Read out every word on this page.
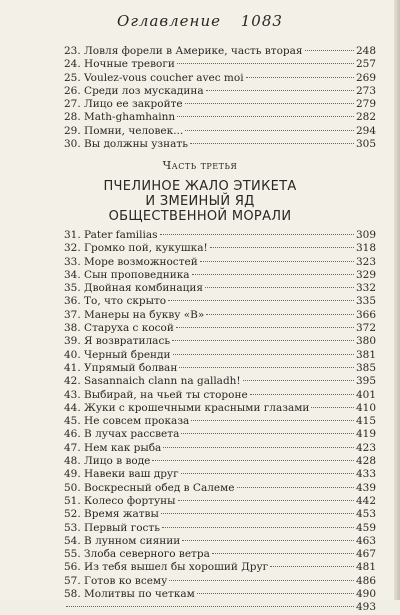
Оглавление 1083
23. Ловля форели в Америке, часть вторая	248
24. Ночные тревоги	257
25. Voulez-vous coucher avec moi	269
26. Среди лоз мускадина	273
27. Лицо ее закройте	279
28. Math-ghamhainn	282
29. Помни, человек...	294
30. Вы должны узнать	305
Часть третья
ПЧЕЛИНОЕ ЖАЛО ЭТИКЕТА
И ЗМЕИНЫЙ ЯД
ОБЩЕСТВЕННОЙ МОРАЛИ
31. Pater familias	309
32. Громко пой, кукушка!	318
33. Море возможностей	323
34. Сын проповедника	329
35. Двойная комбинация	332
36. То, что скрыто	335
37. Манеры на букву «В»	366
38. Старуха с косой	372
39. Я возвратилась	380
40. Черный бренди	381
41. Упрямый болван	385
42. Sasannaich clann na galladh!	395
43. Выбирай, на чьей ты стороне	401
44. Жуки с крошечными красными глазами	410
45. Не совсем проказа	415
46. В лучах рассвета	419
47. Нем как рыба	423
48. Лицо в воде	428
49. Навеки ваш друг	433
50. Воскресный обед в Салеме	439
51. Колесо фортуны	442
52. Время жатвы	453
53. Первый гость	459
54. В лунном сиянии	463
55. Злоба северного ветра	467
56. Из тебя вышел бы хороший Друг	481
57. Готов ко всему	486
58. Молитвы по четкам	490
493
